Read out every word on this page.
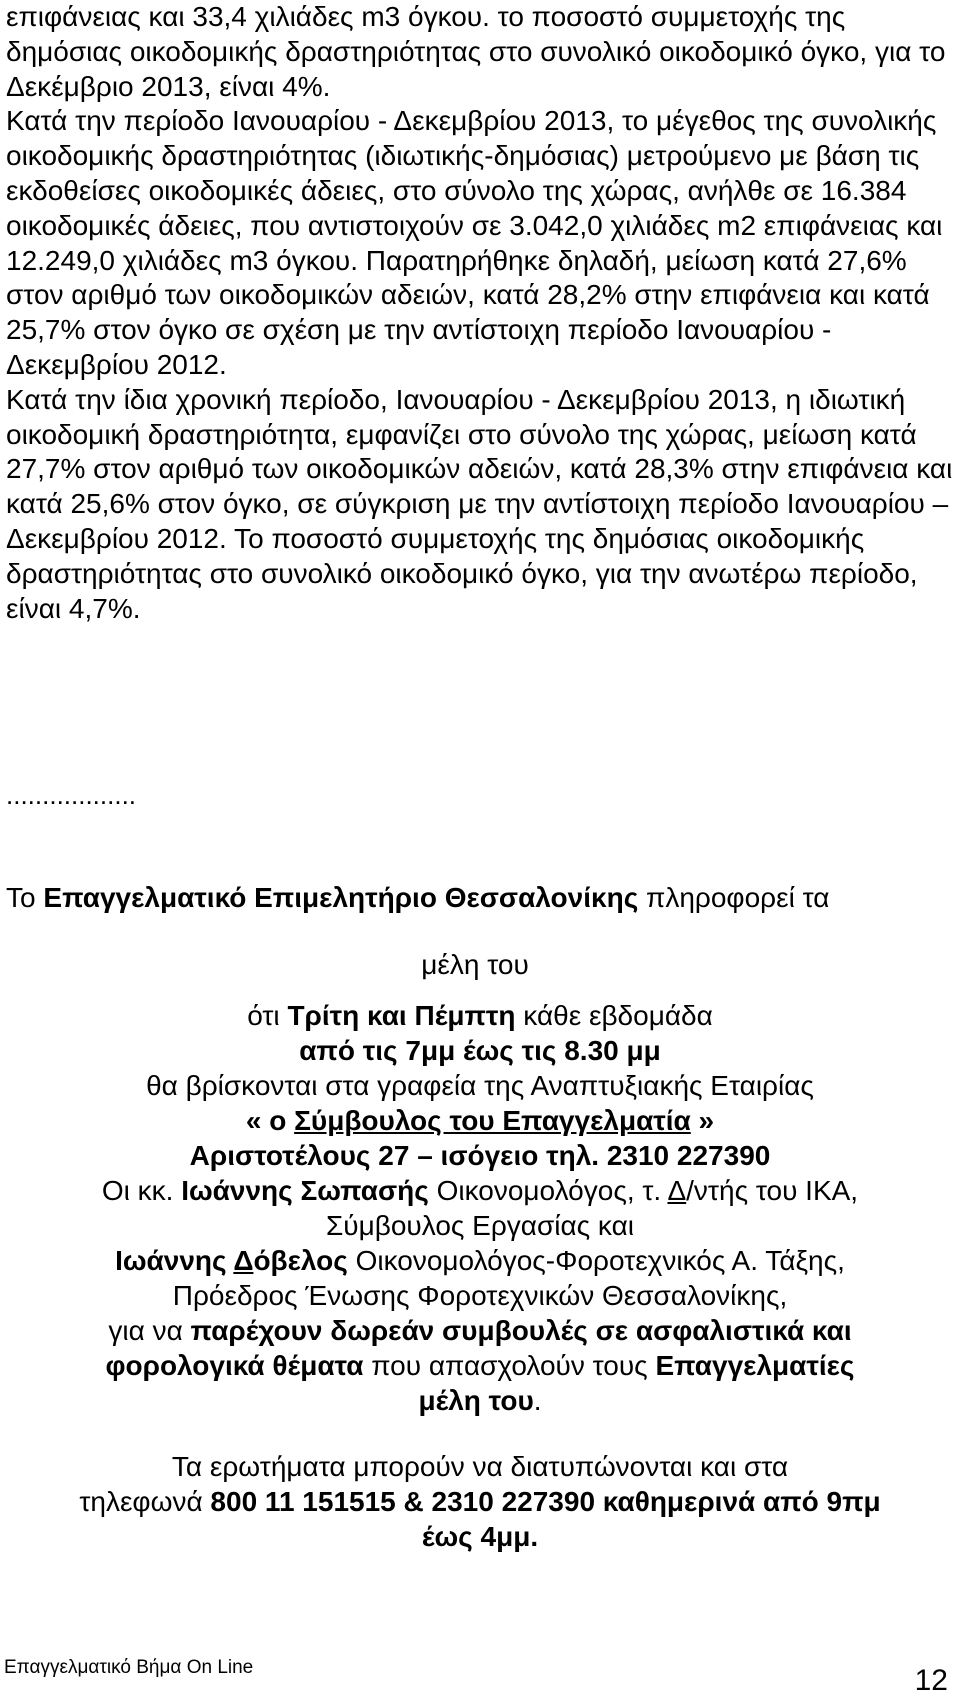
επιφάνειας και 33,4 χιλιάδες m3 όγκου. το ποσοστό συμμετοχής της δημόσιας οικοδομικής δραστηριότητας στο συνολικό οικοδομικό όγκο, για το Δεκέμβριο 2013, είναι 4%.

Κατά την περίοδο Ιανουαρίου - Δεκεμβρίου 2013, το μέγεθος της συνολικής οικοδομικής δραστηριότητας (ιδιωτικής-δημόσιας) μετρούμενο με βάση τις εκδοθείσες οικοδομικές άδειες, στο σύνολο της χώρας, ανήλθε σε 16.384 οικοδομικές άδειες, που αντιστοιχούν σε 3.042,0 χιλιάδες m2 επιφάνειας και 12.249,0 χιλιάδες m3 όγκου. Παρατηρήθηκε δηλαδή, μείωση κατά 27,6% στον αριθμό των οικοδομικών αδειών, κατά 28,2% στην επιφάνεια και κατά 25,7% στον όγκο σε σχέση με την αντίστοιχη περίοδο Ιανουαρίου - Δεκεμβρίου 2012.

Κατά την ίδια χρονική περίοδο, Ιανουαρίου - Δεκεμβρίου 2013, η ιδιωτική οικοδομική δραστηριότητα, εμφανίζει στο σύνολο της χώρας, μείωση κατά 27,7% στον αριθμό των οικοδομικών αδειών, κατά 28,3% στην επιφάνεια και κατά 25,6% στον όγκο, σε σύγκριση με την αντίστοιχη περίοδο Ιανουαρίου – Δεκεμβρίου 2012. Το ποσοστό συμμετοχής της δημόσιας οικοδομικής δραστηριότητας στο συνολικό οικοδομικό όγκο, για την ανωτέρω περίοδο, είναι 4,7%.

..................
Το Επαγγελματικό Επιμελητήριο Θεσσαλονίκης πληροφορεί τα
μέλη του
ότι Τρίτη και Πέμπτη κάθε εβδομάδα
από τις 7μμ έως τις 8.30 μμ
θα βρίσκονται στα γραφεία της Αναπτυξιακής Εταιρίας
« ο Σύμβουλος του Επαγγελματία »
Αριστοτέλους 27 – ισόγειο τηλ. 2310 227390
Οι κκ. Ιωάννης Σωπασής Οικονομολόγος, τ. Δ/ντής του ΙΚΑ,
Σύμβουλος Εργασίας και
Ιωάννης Δόβελος Οικονομολόγος-Φοροτεχνικός Α. Τάξης,
Πρόεδρος Ένωσης Φοροτεχνικών Θεσσαλονίκης,
για να παρέχουν δωρεάν συμβουλές σε ασφαλιστικά και
φορολογικά θέματα που απασχολούν τους Επαγγελματίες
μέλη του.
Τα ερωτήματα μπορούν να διατυπώνονται και στα
τηλεφωνά 800 11 151515 & 2310 227390 καθημερινά από 9πμ
έως 4μμ.
Επαγγελματικό Βήμα On Line	12
